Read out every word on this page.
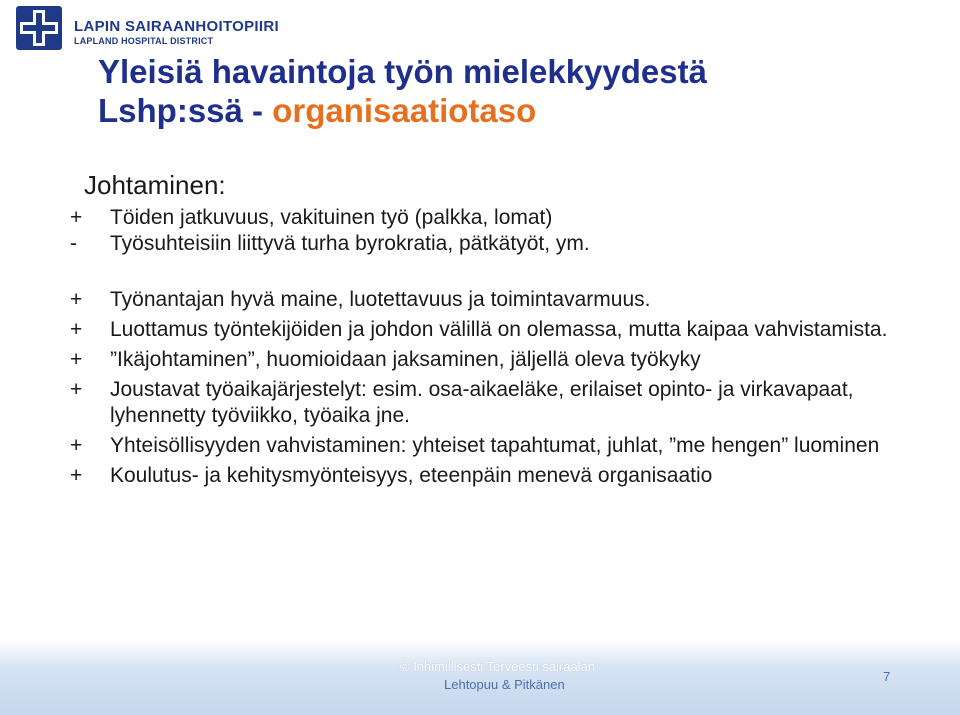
LAPIN SAIRAANHOITOPIIRI
LAPLAND HOSPITAL DISTRICT
Yleisiä havaintoja työn mielekkyydestä
Lshp:ssä - organisaatiotaso
Johtaminen:
+	Töiden jatkuvuus, vakituinen työ (palkka, lomat)
-	Työsuhteisiin liittyvä turha byrokratia, pätkätyöt, ym.
+	Työnantajan hyvä maine, luotettavuus ja toimintavarmuus.
+	Luottamus työntekijöiden ja johdon välillä on olemassa, mutta kaipaa vahvistamista.
+	”Ikäjohtaminen”, huomioidaan jaksaminen, jäljellä oleva työkyky
+	Joustavat työaikajärjestelyt: esim. osa-aikaeläke, erilaiset opinto- ja virkavapaat, lyhennetty työviikko, työaika jne.
+	Yhteisöllisyyden vahvistaminen: yhteiset tapahtumat, juhlat, ”me hengen” luominen
+	Koulutus- ja kehitysmyönteisyys, eteenpäin menevä organisaatio
© Inhimillisesti Terveesti sairaalan
Lehtopuu & Pitkänen
7
